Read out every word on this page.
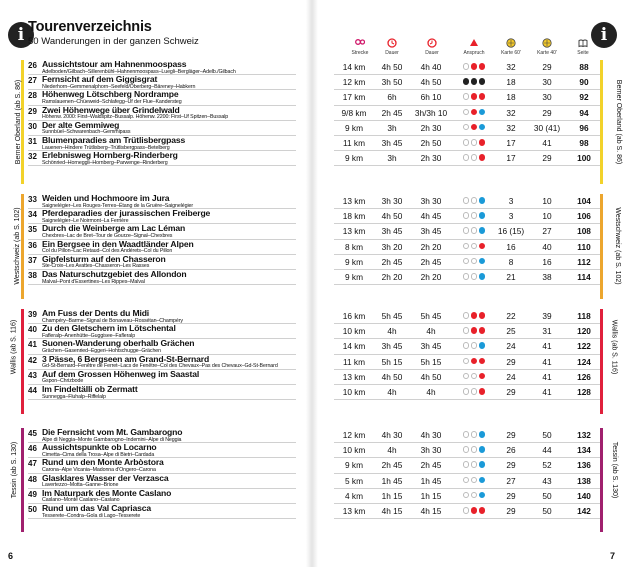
i Tourenverzeichnis
50 Wanderungen in der ganzen Schweiz
6
i
7
Strecke	Dauer	Dauer	Anspruch	Karte 60'	Karte 40'	Seite
26 Aussichtstour am Hahnenmoospass
Adelboden/Gilbach–Sillerenbühl–Hahnenmoospass–Luegli–Bergläger–Adelb./Gilbach	14 km	4h 50	4h 40	32	29	88
27 Fernsicht auf dem Giggisgrat
Niederhorn–Gemmenalphorn–Seefeld/Oberberg–Bäreney–Habkern	12 km	3h 50	4h 50	18	30	90
28 Höhenweg Lötschberg Nordrampe
Ramslauenen–Chüeweid–Schlafegg–Uf der Flue–Kandersteg	17 km	6h	6h 10	18	30	92
29 Zwei Höhenwege über Grindelwald
Höhenw. 2000: First–Waldspitz–Bussalp. Höhenw. 2200: First–Uf Spitzen–Bussalp	9/8 km	2h 45	3h/3h 10	32	29	94
30 Der alte Gemmiweg
Sunnbüel–Schwarenbach–Gemmipass	9 km	3h	2h 30	32	30 (41)	96
31 Blumenparadies am Trütlisbergpass
Lauenen–Hindere Trütlisberg–Trütlisbergpass–Betelberg	11 km	3h 45	2h 50	17	41	98
32 Erlebnisweg Hornberg-Rinderberg
Schönried–Horneggli–Hornberg–Parwenge–Rinderberg	9 km	3h	2h 30	17	29	100
33 Weiden und Hochmoore im Jura
Saignelégier–Les Rouges-Terres–Étang de la Gruère–Saignelégier	13 km	3h 30	3h 30	3	10	104
34 Pferdeparadies der jurassischen Freiberge
Saignelégier–Le Noirmont–La Ferrière	18 km	4h 50	4h 45	3	10	106
35 Durch die Weinberge am Lac Léman
Chexbres–Lac de Bret–Tour de Gourze–Signal–Chexbres	13 km	3h 45	3h 45	16 (15)	27	108
36 Ein Bergsee in den Waadtländer Alpen
Col du Pillon–Lac Retaud–Col des Andérets–Col du Pillon	8 km	3h 20	2h 20	16	40	110
37 Gipfelsturm auf den Chasseron
Ste-Croix–Les Avattes–Chasseron–Les Rasses	9 km	2h 45	2h 45	8	16	112
38 Das Naturschutzgebiet des Allondon
Malval–Pont d'Essertines–Les Rippes–Malval	9 km	2h 20	2h 20	21	38	114
39 Am Fuss der Dents du Midi
Champéry–Barme–Signal de Bonaveau–Rossétan–Champéry	16 km	5h 45	5h 45	22	39	118
40 Zu den Gletschern im Lötschental
Fafleralp–Anenhütte–Guggisee–Fafleralp	10 km	4h	4h	25	31	120
41 Suonen-Wanderung oberhalb Grächen
Grächen–Gasenried–Eggeri–Hohtschugge–Grächen	14 km	3h 45	3h 45	24	41	122
42 3 Pässe, 6 Bergseen am Grand-St-Bernard
Gd-St-Bernard–Fenêtre de Ferret–Lacs de Fenêtre–Col des Chevaux–Pas des Chevaux–Gd-St-Bernard	11 km	5h 15	5h 15	29	41	124
43 Auf dem Grossen Höhenweg im Saastal
Gspon–Chrizbode	13 km	4h 50	4h 50	24	41	126
44 Im Findeltälli ob Zermatt
Sunnegga–Fluhalp–Riffelalp	10 km	4h	4h	29	41	128
45 Die Fernsicht vom Mt. Gambarogno
Alpe di Neggia–Monte Gambarogno–Indemini–Alpe di Neggia	12 km	4h 30	4h 30	29	50	132
46 Aussichtspunkte ob Locarno
Cimetta–Cima della Trosa–Alpe di Bietri–Cardada	10 km	4h	3h 30	26	44	134
47 Rund um den Monte Arbòstora
Carona–Alpe Vicania–Madonna d'Ongero–Carona	9 km	2h 45	2h 45	29	52	136
48 Glasklares Wasser der Verzasca
Lavertezzo–Motta–Ganne–Brione	5 km	1h 45	1h 45	27	43	138
49 Im Naturpark des Monte Caslano
Caslano–Monte Caslano–Caslano	4 km	1h 15	1h 15	29	50	140
50 Rund um das Val Capriasca
Tesserete–Condra–Gola di Lago–Tesserete	13 km	4h 15	4h 15	29	50	142
Berner Oberland (ab S. 86)	Berner Oberland (ab S. 86)
Westschweiz (ab S. 102)	Westschweiz (ab S. 102)
Wallis (ab S. 116)	Wallis (ab S. 116)
Tessin (ab S. 130)	Tessin (ab S. 130)
